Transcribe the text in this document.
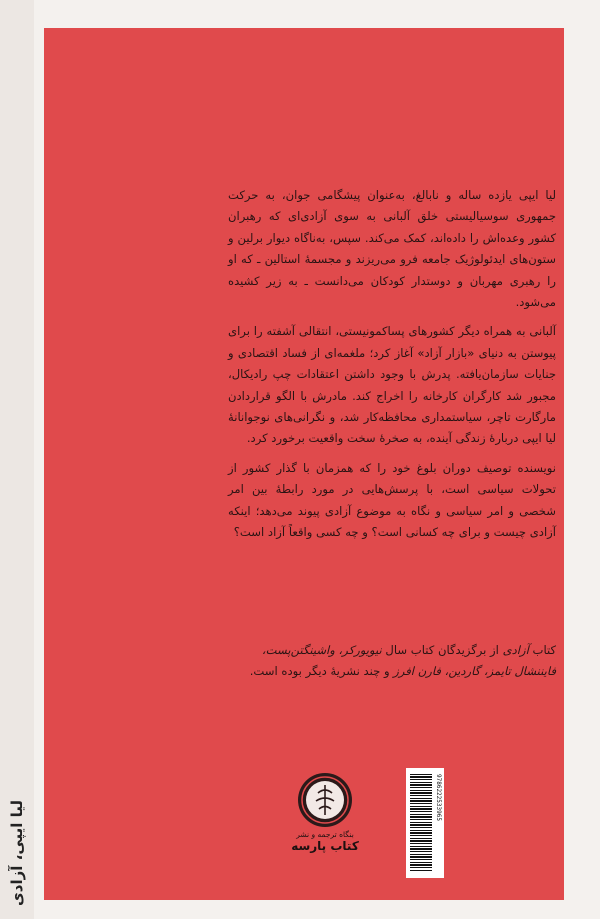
لیا ایپی، آزادی

لیا ایپی یازده ساله و نابالغ، به‌عنوان پیشگامی جوان، به حرکت جمهوری سوسیالیستی خلق آلبانی به سوی آزادی‌ای که رهبران کشور وعده‌اش را داده‌اند، کمک می‌کند. سپس، به‌ناگاه دیوار برلین و ستون‌های ایدئولوژیک جامعه فرو می‌ریزند و مجسمهٔ استالین ـ که او را رهبری مهربان و دوستدار کودکان می‌دانست ـ به زیر کشیده می‌شود.

آلبانی به همراه دیگر کشورهای پساکمونیستی، انتقالی آشفته را برای پیوستن به دنیای «بازار آزاد» آغاز کرد؛ ملغمه‌ای از فساد اقتصادی و جنایات سازمان‌یافته. پدرش با وجود داشتن اعتقادات چپ رادیکال، مجبور شد کارگران کارخانه را اخراج کند. مادرش با الگو قراردادن مارگارت تاچر، سیاستمداری محافظه‌کار شد، و نگرانی‌های نوجوانانهٔ لیا ایپی دربارهٔ زندگی آینده، به صخرهٔ سخت واقعیت برخورد کرد.

نویسنده توصیف دوران بلوغ خود را که همزمان با گذار کشور از تحولات سیاسی است، با پرسش‌هایی در مورد رابطهٔ بین امر شخصی و امر سیاسی و نگاه به موضوع آزادی پیوند می‌دهد؛ اینکه آزادی چیست و برای چه کسانی است؟ و چه کسی واقعاً آزاد است؟

کتاب آزادی از برگزیدگان کتاب سال نیویورکر، واشینگتن‌پست، فایننشال تایمز، گاردین، فارن افرز و چند نشریهٔ دیگر بوده است.
بنگاه ترجمه و نشر
کتاب پارسه
9786222533965
